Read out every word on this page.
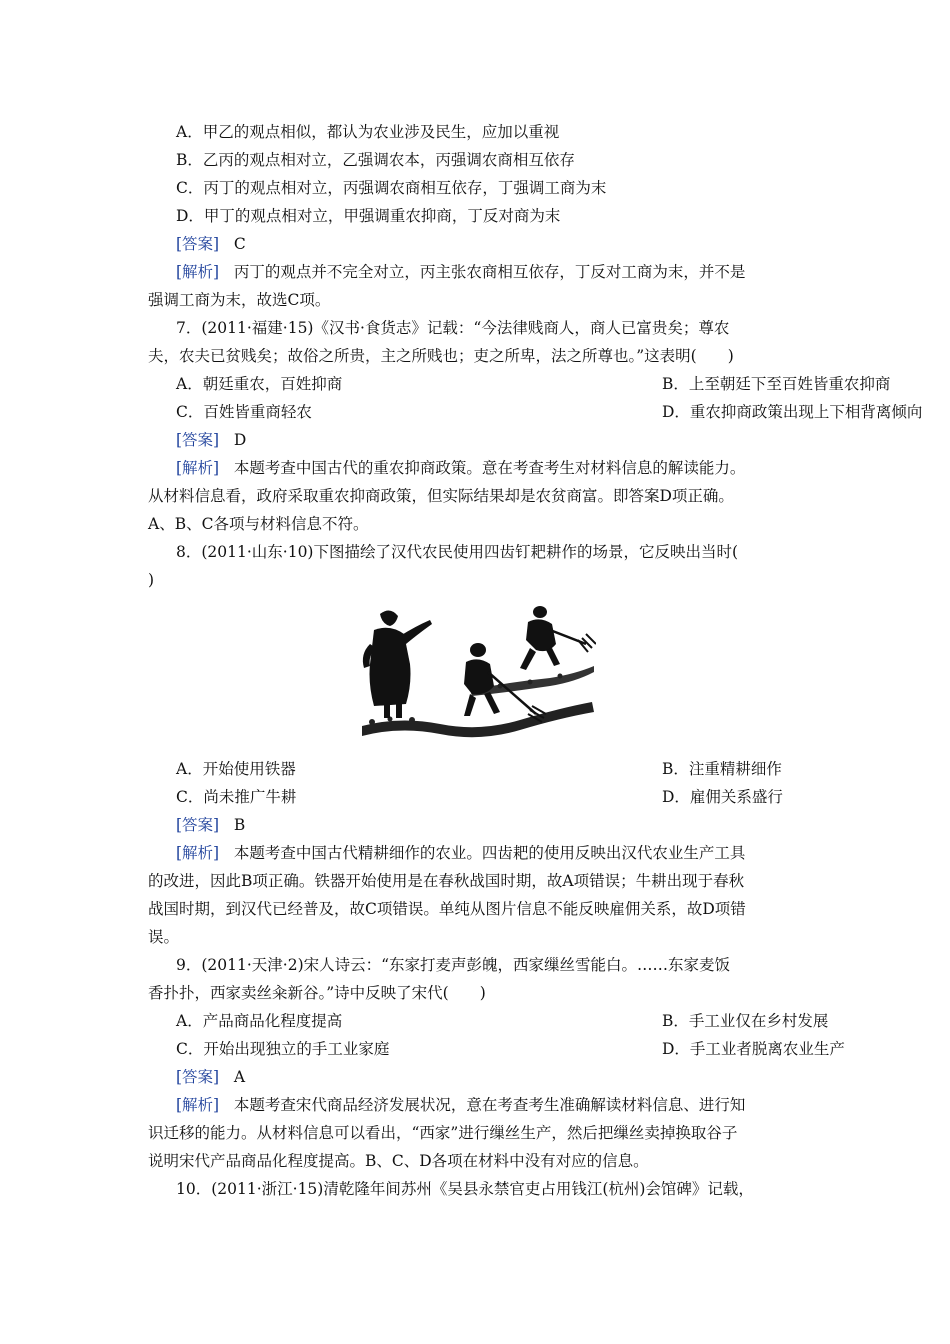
A．甲乙的观点相似，都认为农业涉及民生，应加以重视
B．乙丙的观点相对立，乙强调农本，丙强调农商相互依存
C．丙丁的观点相对立，丙强调农商相互依存，丁强调工商为末
D．甲丁的观点相对立，甲强调重农抑商，丁反对商为末
[答案] C
[解析] 丙丁的观点并不完全对立，丙主张农商相互依存，丁反对工商为末，并不是
强调工商为末，故选C项。
7．(2011·福建·15)《汉书·食货志》记载：“今法律贱商人，商人已富贵矣；尊农
夫，农夫已贫贱矣；故俗之所贵，主之所贱也；吏之所卑，法之所尊也。”这表明(　　)
A．朝廷重农，百姓抑商	B．上至朝廷下至百姓皆重农抑商
C．百姓皆重商轻农	D．重农抑商政策出现上下相背离倾向
[答案] D
[解析] 本题考查中国古代的重农抑商政策。意在考查考生对材料信息的解读能力。
从材料信息看，政府采取重农抑商政策，但实际结果却是农贫商富。即答案D项正确。
A、B、C各项与材料信息不符。
8．(2011·山东·10)下图描绘了汉代农民使用四齿钉耙耕作的场景，它反映出当时(
)
A．开始使用铁器	B．注重精耕细作
C．尚未推广牛耕	D．雇佣关系盛行
[答案] B
[解析] 本题考查中国古代精耕细作的农业。四齿耙的使用反映出汉代农业生产工具
的改进，因此B项正确。铁器开始使用是在春秋战国时期，故A项错误；牛耕出现于春秋
战国时期，到汉代已经普及，故C项错误。单纯从图片信息不能反映雇佣关系，故D项错
误。
9．(2011·天津·2)宋人诗云：“东家打麦声彭魄，西家缫丝雪能白。……东家麦饭
香扑扑，西家卖丝籴新谷。”诗中反映了宋代(　　)
A．产品商品化程度提高	B．手工业仅在乡村发展
C．开始出现独立的手工业家庭	D．手工业者脱离农业生产
[答案] A
[解析] 本题考查宋代商品经济发展状况，意在考查考生准确解读材料信息、进行知
识迁移的能力。从材料信息可以看出，“西家”进行缫丝生产，然后把缫丝卖掉换取谷子
说明宋代产品商品化程度提高。B、C、D各项在材料中没有对应的信息。
10．(2011·浙江·15)清乾隆年间苏州《吴县永禁官吏占用钱江(杭州)会馆碑》记载，
